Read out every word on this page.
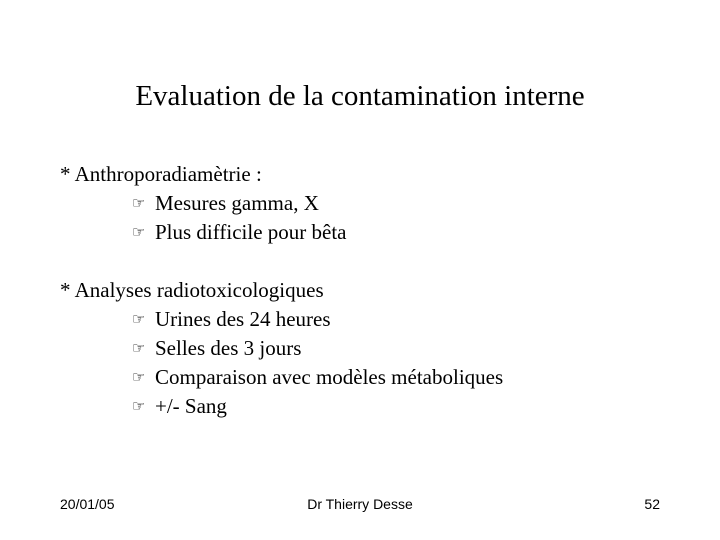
Evaluation de la contamination interne
* Anthroporadiamètrie :
☞ Mesures gamma, X
☞ Plus difficile pour bêta
* Analyses radiotoxicologiques
☞ Urines des 24 heures
☞ Selles des 3 jours
☞ Comparaison avec modèles métaboliques
☞ +/- Sang
20/01/05	Dr Thierry Desse	52
